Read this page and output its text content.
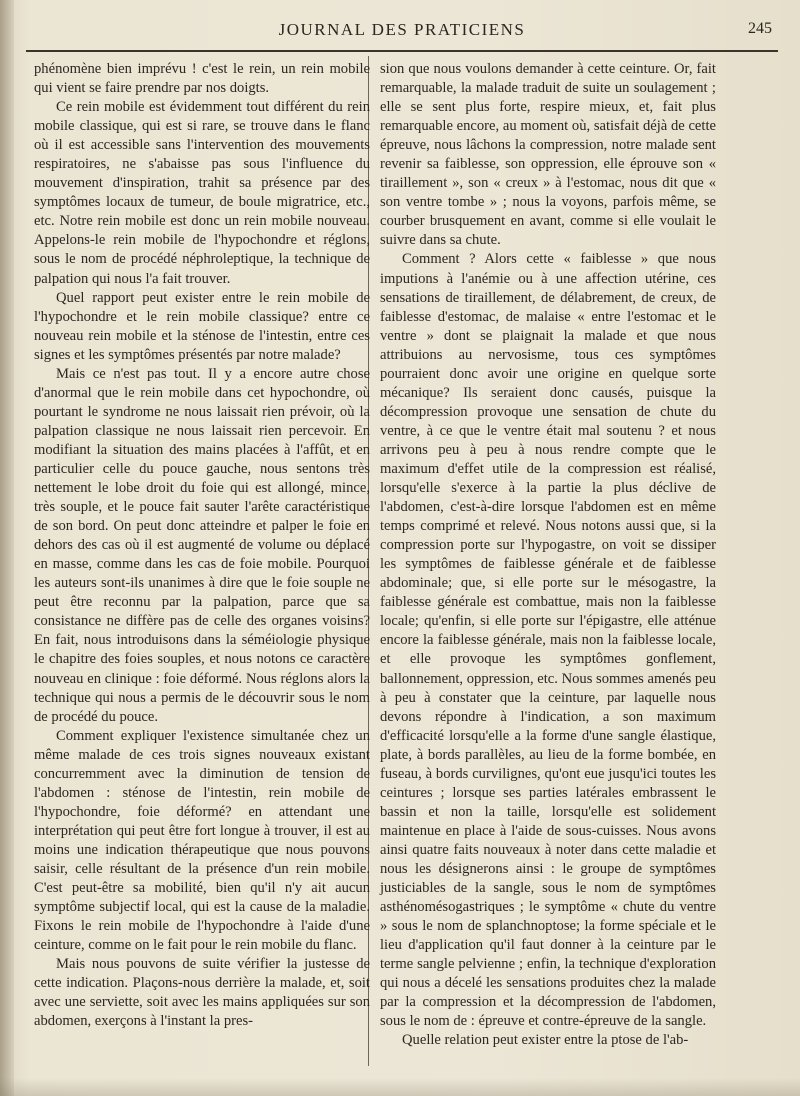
JOURNAL DES PRATICIENS	245

phénomène bien imprévu ! c'est le rein, un rein mobile qui vient se faire prendre par nos doigts.

Ce rein mobile est évidemment tout différent du rein mobile classique, qui est si rare, se trouve dans le flanc où il est accessible sans l'intervention des mouvements respiratoires, ne s'abaisse pas sous l'influence du mouvement d'inspiration, trahit sa présence par des symptômes locaux de tumeur, de boule migratrice, etc., etc. Notre rein mobile est donc un rein mobile nouveau. Appelons-le rein mobile de l'hypochondre et réglons, sous le nom de procédé néphroleptique, la technique de palpation qui nous l'a fait trouver.

Quel rapport peut exister entre le rein mobile de l'hypochondre et le rein mobile classique? entre ce nouveau rein mobile et la sténose de l'intestin, entre ces signes et les symptômes présentés par notre malade?

Mais ce n'est pas tout. Il y a encore autre chose d'anormal que le rein mobile dans cet hypochondre, où pourtant le syndrome ne nous laissait rien prévoir, où la palpation classique ne nous laissait rien percevoir. En modifiant la situation des mains placées à l'affût, et en particulier celle du pouce gauche, nous sentons très nettement le lobe droit du foie qui est allongé, mince, très souple, et le pouce fait sauter l'arête caractéristique de son bord. On peut donc atteindre et palper le foie en dehors des cas où il est augmenté de volume ou déplacé en masse, comme dans les cas de foie mobile. Pourquoi les auteurs sont-ils unanimes à dire que le foie souple ne peut être reconnu par la palpation, parce que sa consistance ne diffère pas de celle des organes voisins? En fait, nous introduisons dans la séméiologie physique le chapitre des foies souples, et nous notons ce caractère nouveau en clinique : foie déformé. Nous réglons alors la technique qui nous a permis de le découvrir sous le nom de procédé du pouce.

Comment expliquer l'existence simultanée chez un même malade de ces trois signes nouveaux existant concurremment avec la diminution de tension de l'abdomen : sténose de l'intestin, rein mobile de l'hypochondre, foie déformé? en attendant une interprétation qui peut être fort longue à trouver, il est au moins une indication thérapeutique que nous pouvons saisir, celle résultant de la présence d'un rein mobile. C'est peut-être sa mobilité, bien qu'il n'y ait aucun symptôme subjectif local, qui est la cause de la maladie. Fixons le rein mobile de l'hypochondre à l'aide d'une ceinture, comme on le fait pour le rein mobile du flanc.

Mais nous pouvons de suite vérifier la justesse de cette indication. Plaçons-nous derrière la malade, et, soit avec une serviette, soit avec les mains appliquées sur son abdomen, exerçons à l'instant la pres-

sion que nous voulons demander à cette ceinture. Or, fait remarquable, la malade traduit de suite un soulagement ; elle se sent plus forte, respire mieux, et, fait plus remarquable encore, au moment où, satisfait déjà de cette épreuve, nous lâchons la compression, notre malade sent revenir sa faiblesse, son oppression, elle éprouve son « tiraillement », son « creux » à l'estomac, nous dit que « son ventre tombe » ; nous la voyons, parfois même, se courber brusquement en avant, comme si elle voulait le suivre dans sa chute.

Comment ? Alors cette « faiblesse » que nous imputions à l'anémie ou à une affection utérine, ces sensations de tiraillement, de délabrement, de creux, de faiblesse d'estomac, de malaise « entre l'estomac et le ventre » dont se plaignait la malade et que nous attribuions au nervosisme, tous ces symptômes pourraient donc avoir une origine en quelque sorte mécanique? Ils seraient donc causés, puisque la décompression provoque une sensation de chute du ventre, à ce que le ventre était mal soutenu ? et nous arrivons peu à peu à nous rendre compte que le maximum d'effet utile de la compression est réalisé, lorsqu'elle s'exerce à la partie la plus déclive de l'abdomen, c'est-à-dire lorsque l'abdomen est en même temps comprimé et relevé. Nous notons aussi que, si la compression porte sur l'hypogastre, on voit se dissiper les symptômes de faiblesse générale et de faiblesse abdominale; que, si elle porte sur le mésogastre, la faiblesse générale est combattue, mais non la faiblesse locale; qu'enfin, si elle porte sur l'épigastre, elle atténue encore la faiblesse générale, mais non la faiblesse locale, et elle provoque les symptômes gonflement, ballonnement, oppression, etc. Nous sommes amenés peu à peu à constater que la ceinture, par laquelle nous devons répondre à l'indication, a son maximum d'efficacité lorsqu'elle a la forme d'une sangle élastique, plate, à bords parallèles, au lieu de la forme bombée, en fuseau, à bords curvilignes, qu'ont eue jusqu'ici toutes les ceintures ; lorsque ses parties latérales embrassent le bassin et non la taille, lorsqu'elle est solidement maintenue en place à l'aide de sous-cuisses. Nous avons ainsi quatre faits nouveaux à noter dans cette maladie et nous les désignerons ainsi : le groupe de symptômes justiciables de la sangle, sous le nom de symptômes asthénomésogastriques ; le symptôme « chute du ventre » sous le nom de splanchnoptose; la forme spéciale et le lieu d'application qu'il faut donner à la ceinture par le terme sangle pelvienne ; enfin, la technique d'exploration qui nous a décelé les sensations produites chez la malade par la compression et la décompression de l'abdomen, sous le nom de : épreuve et contre-épreuve de la sangle.

Quelle relation peut exister entre la ptose de l'ab-
